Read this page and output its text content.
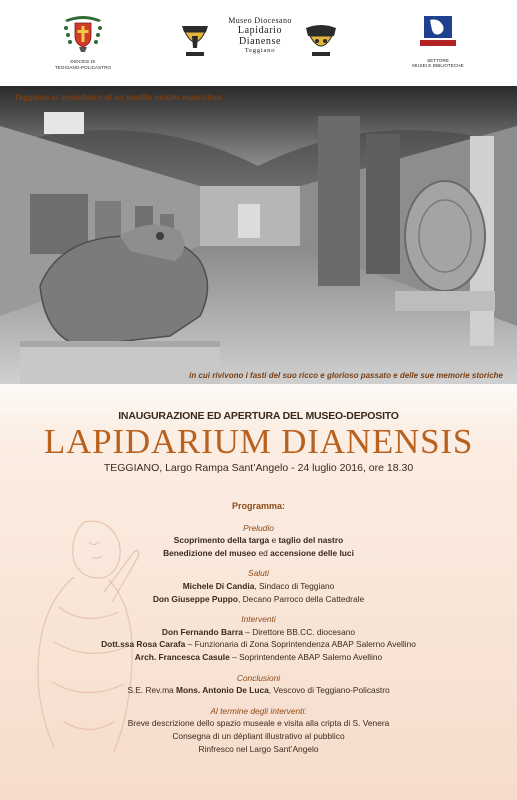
DIOCESI DI
TEGGIANO-POLICASTRO
Museo Diocesano
Lapidario
Dianense
Teggiano	REGIONE CAMPANIA
SETTORE
MUSEI E BIBLIOTECHE
Teggiano si arricchisce di un inedito spazio espositivo,
in cui rivivono i fasti del suo ricco e glorioso passato e delle sue memorie storiche
INAUGURAZIONE ED APERTURA DEL MUSEO-DEPOSITO
LAPIDARIUM DIANENSIS
TEGGIANO, Largo Rampa Sant’Angelo - 24 luglio 2016, ore 18.30
Programma:
Preludio
Scoprimento della targa e taglio del nastro
Benedizione del museo ed accensione delle luci
Saluti
Michele Di Candia, Sindaco di Teggiano
Don Giuseppe Puppo, Decano Parroco della Cattedrale
Interventi
Don Fernando Barra – Direttore BB.CC. diocesano
Dott.ssa Rosa Carafa – Funzionaria di Zona Soprintendenza ABAP Salerno Avellino
Arch. Francesca Casule – Soprintendente ABAP Salerno Avellino
Conclusioni
S.E. Rev.ma Mons. Antonio De Luca, Vescovo di Teggiano-Policastro
Al termine degli interventi:
Breve descrizione dello spazio museale e visita alla cripta di S. Venera
Consegna di un dépliant illustrativo al pubblico
Rinfresco nel Largo Sant’Angelo
